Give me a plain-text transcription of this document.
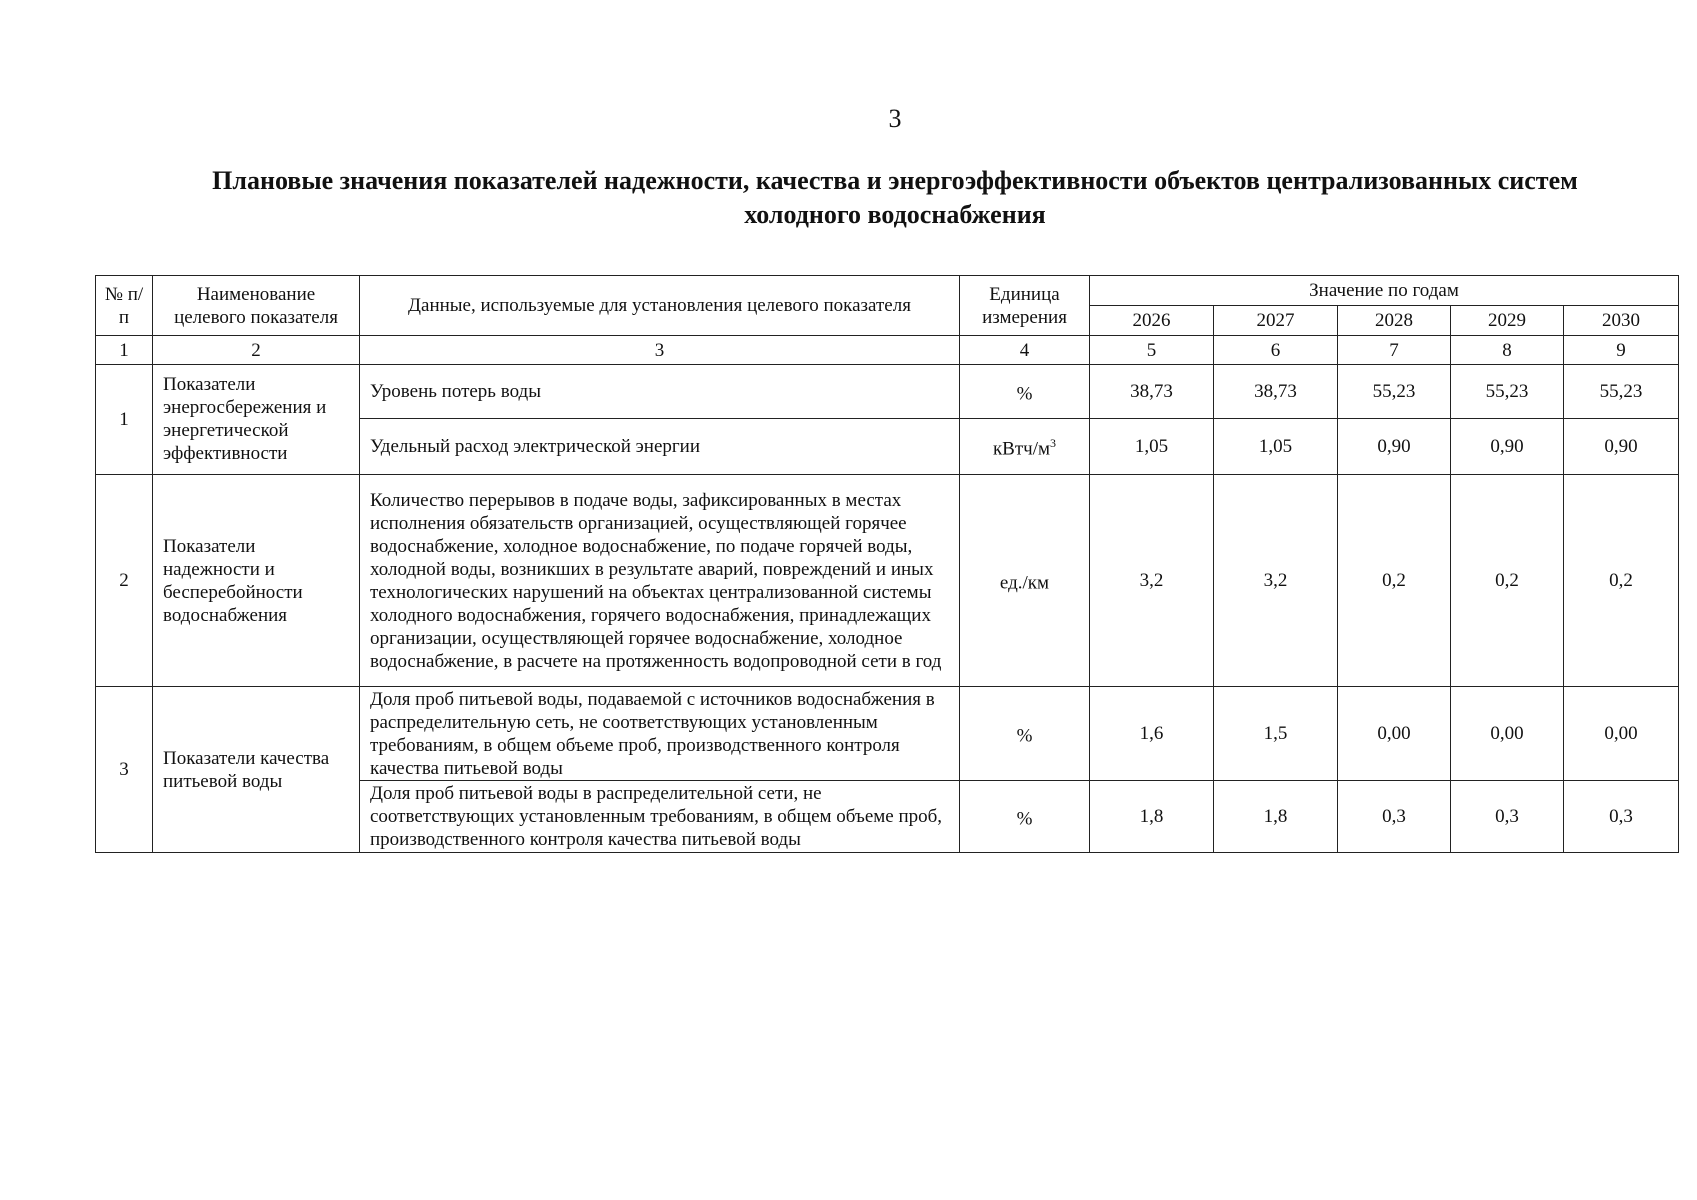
3
Плановые значения показателей надежности, качества и энергоэффективности объектов централизованных систем
холодного водоснабжения
№ п/п	Наименование целевого показателя	Данные, используемые для установления целевого показателя	Единица измерения	Значение по годам				
				2026	2027	2028	2029	2030
1	2	3	4	5	6	7	8	9
1	Показатели энергосбережения и энергетической эффективности	Уровень потерь воды	%	38,73	38,73	55,23	55,23	55,23
		Удельный расход электрической энергии	кВтч/$м^3$	1,05	1,05	0,90	0,90	0,90
2	Показатели надежности и бесперебойности водоснабжения	Количество перерывов в подаче воды, зафиксированных в местах исполнения обязательств организацией, осуществляющей горячее водоснабжение, холодное водоснабжение, по подаче горячей воды, холодной воды, возникших в результате аварий, повреждений и иных технологических нарушений на объектах централизованной системы холодного водоснабжения, горячего водоснабжения, принадлежащих организации, осуществляющей горячее водоснабжение, холодное водоснабжение, в расчете на протяженность водопроводной сети в год	ед./км	3,2	3,2	0,2	0,2	0,2
3	Показатели качества питьевой воды	Доля проб питьевой воды, подаваемой с источников водоснабжения в распределительную сеть, не соответствующих установленным требованиям, в общем объеме проб, производственного контроля качества питьевой воды	%	1,6	1,5	0,00	0,00	0,00
		Доля проб питьевой воды в распределительной сети, не соответствующих установленным требованиям, в общем объеме проб, производственного контроля качества питьевой воды	%	1,8	1,8	0,3	0,3	0,3
